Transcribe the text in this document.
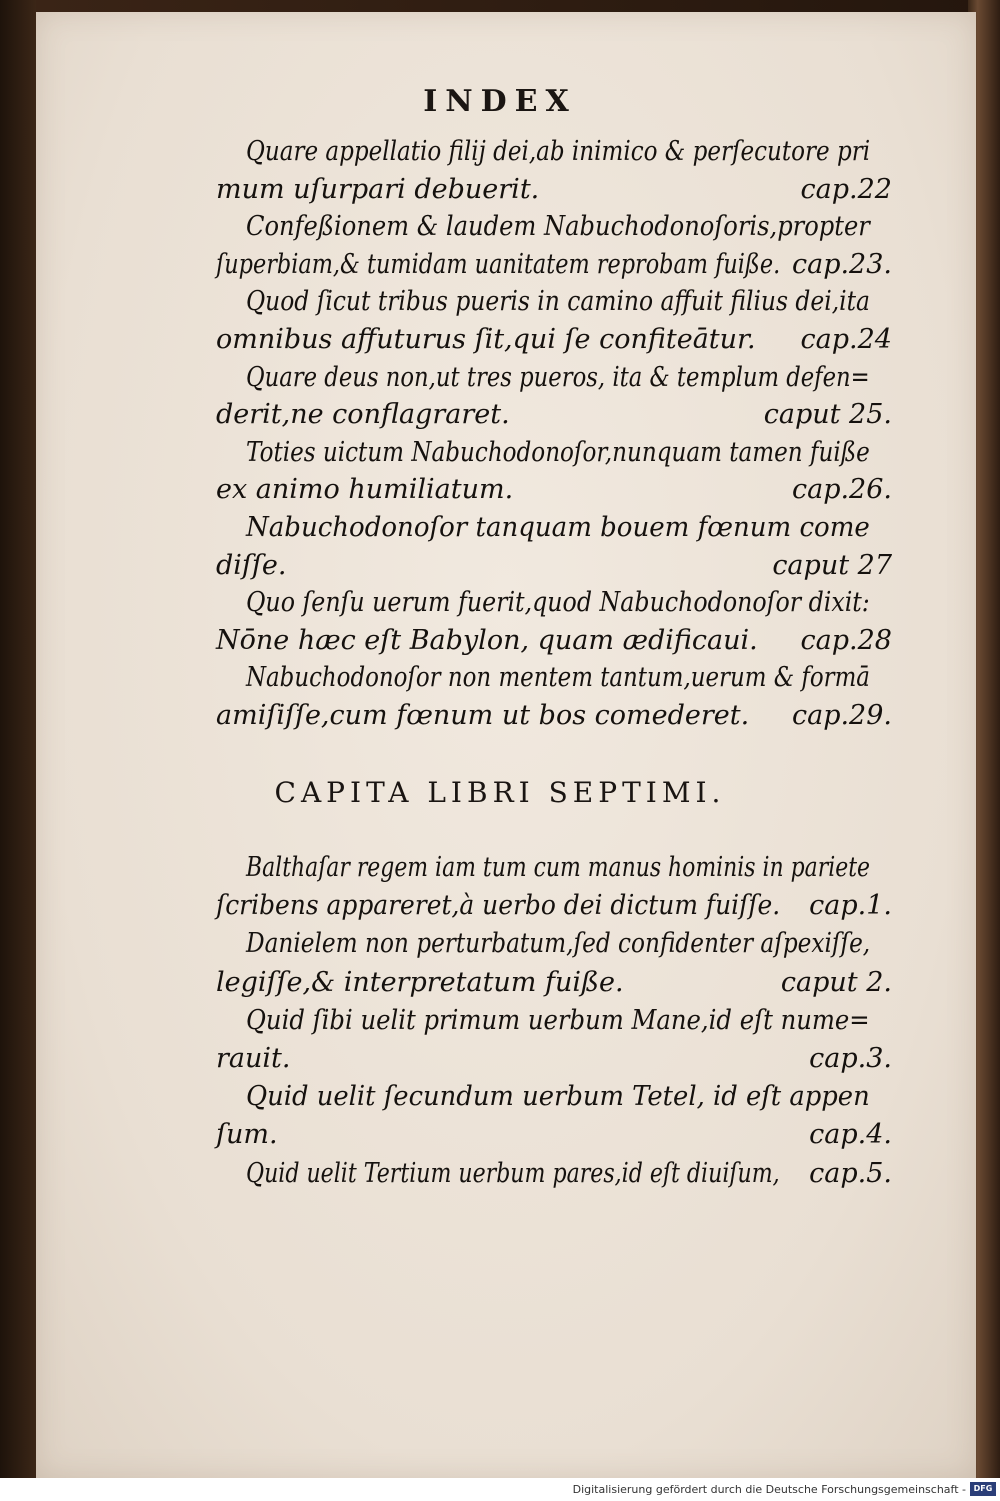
INDEX
Quare appellatio filij dei,ab inimico & perſecutore pri
mum uſurpari debuerit.	cap.22
Confeßionem & laudem Nabuchodonoſoris,propter
ſuperbiam,& tumidam uanitatem reprobam fuiße. cap.23.
Quod ſicut tribus pueris in camino affuit filius dei,ita
omnibus affuturus ſit,qui ſe confiteātur. cap.24
Quare deus non,ut tres pueros, ita & templum defen=
derit,ne conflagraret.	caput 25.
Toties uictum Nabuchodonoſor,nunquam tamen fuiße
ex animo humiliatum.	cap.26.
Nabuchodonoſor tanquam bouem fœnum come
diſſe.	caput 27
Quo ſenſu uerum fuerit,quod Nabuchodonoſor dixit:
Nōne hæc eſt Babylon, quam ædificaui. cap.28
Nabuchodonoſor non mentem tantum,uerum & formā
amiſiſſe,cum fœnum ut bos comederet. cap.29.
CAPITA LIBRI SEPTIMI.
Balthaſar regem iam tum cum manus hominis in pariete
ſcribens appareret,à uerbo dei dictum fuiſſe. cap.1.
Danielem non perturbatum,ſed confidenter aſpexiſſe,
legiſſe,& interpretatum fuiße.	caput 2.
Quid ſibi uelit primum uerbum Mane,id eſt nume=
rauit.	cap.3.
Quid uelit ſecundum uerbum Tetel, id eſt appen
ſum.	cap.4.
Quid uelit Tertium uerbum pares,id eſt diuiſum, cap.5.
Digitalisierung gefördert durch die Deutsche Forschungsgemeinschaft - DFG
